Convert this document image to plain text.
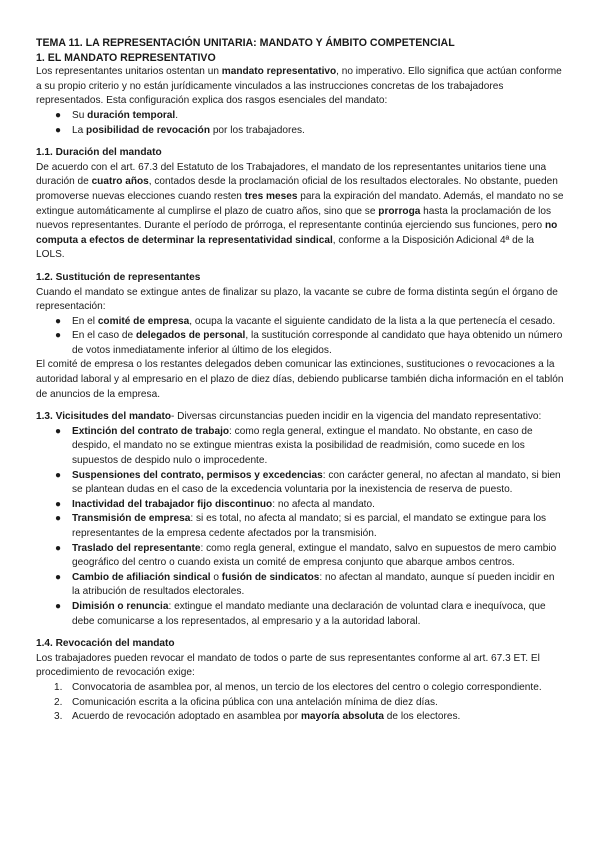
TEMA 11. LA REPRESENTACIÓN UNITARIA: MANDATO Y ÁMBITO COMPETENCIAL
1. EL MANDATO REPRESENTATIVO

Los representantes unitarios ostentan un mandato representativo, no imperativo. Ello significa que actúan conforme a su propio criterio y no están jurídicamente vinculados a las instrucciones concretas de los trabajadores representados. Esta configuración explica dos rasgos esenciales del mandato:

● Su duración temporal.
● La posibilidad de revocación por los trabajadores.
1.1. Duración del mandato

De acuerdo con el art. 67.3 del Estatuto de los Trabajadores, el mandato de los representantes unitarios tiene una duración de cuatro años, contados desde la proclamación oficial de los resultados electorales. No obstante, pueden promoverse nuevas elecciones cuando resten tres meses para la expiración del mandato. Además, el mandato no se extingue automáticamente al cumplirse el plazo de cuatro años, sino que se prorroga hasta la proclamación de los nuevos representantes. Durante el período de prórroga, el representante continúa ejerciendo sus funciones, pero no computa a efectos de determinar la representatividad sindical, conforme a la Disposición Adicional 4ª de la LOLS.

1.2. Sustitución de representantes

Cuando el mandato se extingue antes de finalizar su plazo, la vacante se cubre de forma distinta según el órgano de representación:

● En el comité de empresa, ocupa la vacante el siguiente candidato de la lista a la que pertenecía el cesado.
● En el caso de delegados de personal, la sustitución corresponde al candidato que haya obtenido un número de votos inmediatamente inferior al último de los elegidos.

El comité de empresa o los restantes delegados deben comunicar las extinciones, sustituciones o revocaciones a la autoridad laboral y al empresario en el plazo de diez días, debiendo publicarse también dicha información en el tablón de anuncios de la empresa.

1.3. Vicisitudes del mandato- Diversas circunstancias pueden incidir en la vigencia del mandato representativo:

● Extinción del contrato de trabajo: como regla general, extingue el mandato. No obstante, en caso de despido, el mandato no se extingue mientras exista la posibilidad de readmisión, como sucede en los supuestos de despido nulo o improcedente.
● Suspensiones del contrato, permisos y excedencias: con carácter general, no afectan al mandato, si bien se plantean dudas en el caso de la excedencia voluntaria por la inexistencia de reserva de puesto.
● Inactividad del trabajador fijo discontinuo: no afecta al mandato.
● Transmisión de empresa: si es total, no afecta al mandato; si es parcial, el mandato se extingue para los representantes de la empresa cedente afectados por la transmisión.
● Traslado del representante: como regla general, extingue el mandato, salvo en supuestos de mero cambio geográfico del centro o cuando exista un comité de empresa conjunto que abarque ambos centros.
● Cambio de afiliación sindical o fusión de sindicatos: no afectan al mandato, aunque sí pueden incidir en la atribución de resultados electorales.
● Dimisión o renuncia: extingue el mandato mediante una declaración de voluntad clara e inequívoca, que debe comunicarse a los representados, al empresario y a la autoridad laboral.
1.4. Revocación del mandato

Los trabajadores pueden revocar el mandato de todos o parte de sus representantes conforme al art. 67.3 ET. El procedimiento de revocación exige:

1. Convocatoria de asamblea por, al menos, un tercio de los electores del centro o colegio correspondiente.
2. Comunicación escrita a la oficina pública con una antelación mínima de diez días.
3. Acuerdo de revocación adoptado en asamblea por mayoría absoluta de los electores.
